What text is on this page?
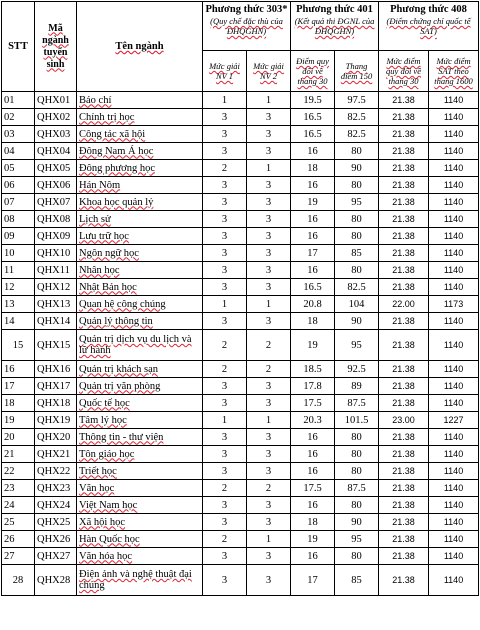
STT	Mã ngành tuyển sinh	Tên ngành	Phương thức 303*
(Quy chế đặc thù của ĐHQGHN)		Phương thức 401
(Kết quả thi ĐGNL của ĐHQGHN)		Phương thức 408
(Điểm chứng chỉ quốc tế SAT)	

			Mức giải NV 1	Mức giải NV 2	Điểm quy đổi về thang 30	Thang điểm 150	Mức điểm quy đổi về thang 30	Mức điểm SAT theo thang 1600
01	QHX01	Báo chí	1	1	19.5	97.5	21.38	1140
02	QHX02	Chính trị học	3	3	16.5	82.5	21.38	1140
03	QHX03	Công tác xã hội	3	3	16.5	82.5	21.38	1140
04	QHX04	Đông Nam Á học	3	3	16	80	21.38	1140
05	QHX05	Đông phương học	2	1	18	90	21.38	1140
06	QHX06	Hán Nôm	3	3	16	80	21.38	1140
07	QHX07	Khoa học quản lý	3	3	19	95	21.38	1140
08	QHX08	Lịch sử	3	3	16	80	21.38	1140
09	QHX09	Lưu trữ học	3	3	16	80	21.38	1140
10	QHX10	Ngôn ngữ học	3	3	17	85	21.38	1140
11	QHX11	Nhân học	3	3	16	80	21.38	1140
12	QHX12	Nhật Bản học	3	3	16.5	82.5	21.38	1140
13	QHX13	Quan hệ công chúng	1	1	20.8	104	22.00	1173
14	QHX14	Quản lý thông tin	3	3	18	90	21.38	1140
15	QHX15	Quản trị dịch vụ du lịch và lữ hành	2	2	19	95	21.38	1140
16	QHX16	Quản trị khách sạn	2	2	18.5	92.5	21.38	1140
17	QHX17	Quản trị văn phòng	3	3	17.8	89	21.38	1140
18	QHX18	Quốc tế học	3	3	17.5	87.5	21.38	1140
19	QHX19	Tâm lý học	1	1	20.3	101.5	23.00	1227
20	QHX20	Thông tin - thư viện	3	3	16	80	21.38	1140
21	QHX21	Tôn giáo học	3	3	16	80	21.38	1140
22	QHX22	Triết học	3	3	16	80	21.38	1140
23	QHX23	Văn học	2	2	17.5	87.5	21.38	1140
24	QHX24	Việt Nam học	3	3	16	80	21.38	1140
25	QHX25	Xã hội học	3	3	18	90	21.38	1140
26	QHX26	Hàn Quốc học	2	1	19	95	21.38	1140
27	QHX27	Văn hóa học	3	3	16	80	21.38	1140
28	QHX28	Điện ảnh và nghệ thuật đại chúng	3	3	17	85	21.38	1140
